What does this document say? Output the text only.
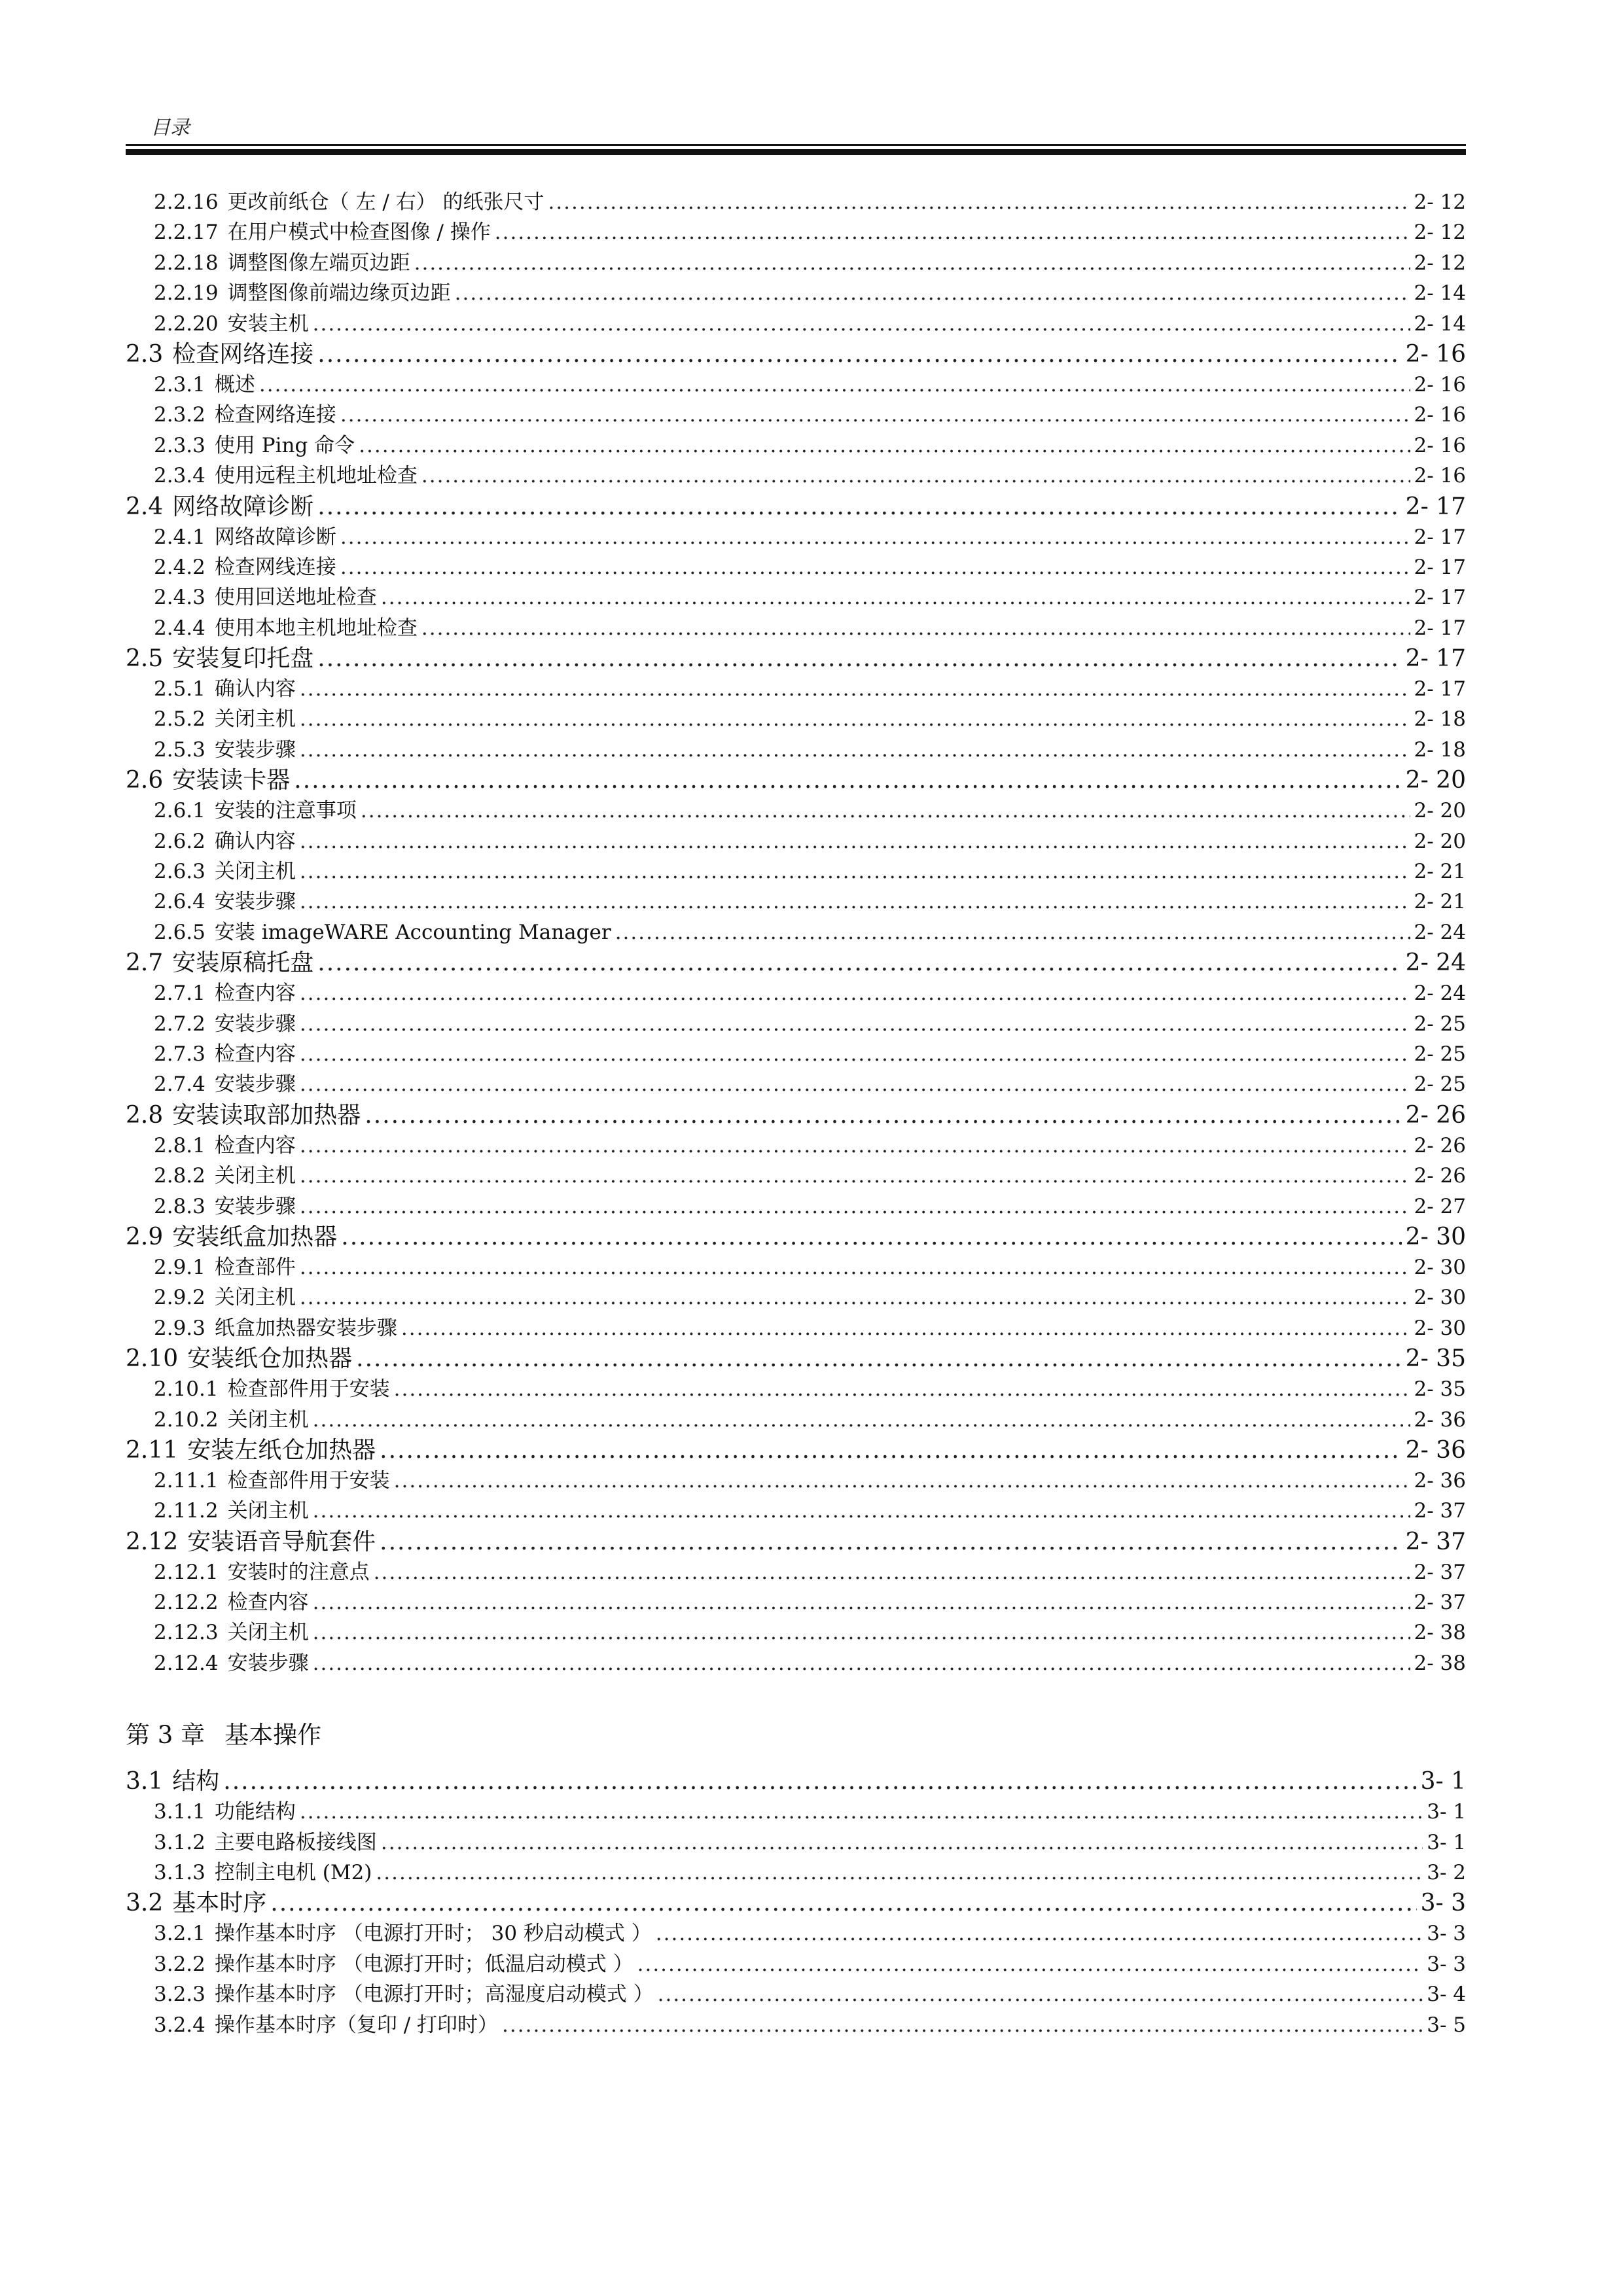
目录
2.2.16 更改前纸仓（ 左 / 右） 的纸张尺寸 .....	2- 12
2.2.17 在用户模式中检查图像 / 操作 .....	2- 12
2.2.18 调整图像左端页边距 .....	2- 12
2.2.19 调整图像前端边缘页边距 .....	2- 14
2.2.20 安装主机 .....	2- 14
2.3 检查网络连接 .....	2- 16
2.3.1 概述 .....	2- 16
2.3.2 检查网络连接 .....	2- 16
2.3.3 使用 Ping 命令 .....	2- 16
2.3.4 使用远程主机地址检查 .....	2- 16
2.4 网络故障诊断 .....	2- 17
2.4.1 网络故障诊断 .....	2- 17
2.4.2 检查网线连接 .....	2- 17
2.4.3 使用回送地址检查 .....	2- 17
2.4.4 使用本地主机地址检查 .....	2- 17
2.5 安装复印托盘 .....	2- 17
2.5.1 确认内容 .....	2- 17
2.5.2 关闭主机 .....	2- 18
2.5.3 安装步骤 .....	2- 18
2.6 安装读卡器 .....	2- 20
2.6.1 安装的注意事项 .....	2- 20
2.6.2 确认内容 .....	2- 20
2.6.3 关闭主机 .....	2- 21
2.6.4 安装步骤 .....	2- 21
2.6.5 安装 imageWARE Accounting Manager .....	2- 24
2.7 安装原稿托盘 .....	2- 24
2.7.1 检查内容 .....	2- 24
2.7.2 安装步骤 .....	2- 25
2.7.3 检查内容 .....	2- 25
2.7.4 安装步骤 .....	2- 25
2.8 安装读取部加热器 .....	2- 26
2.8.1 检查内容 .....	2- 26
2.8.2 关闭主机 .....	2- 26
2.8.3 安装步骤 .....	2- 27
2.9 安装纸盒加热器 .....	2- 30
2.9.1 检查部件 .....	2- 30
2.9.2 关闭主机 .....	2- 30
2.9.3 纸盒加热器安装步骤 .....	2- 30
2.10 安装纸仓加热器 .....	2- 35
2.10.1 检查部件用于安装 .....	2- 35
2.10.2 关闭主机 .....	2- 36
2.11 安装左纸仓加热器 .....	2- 36
2.11.1 检查部件用于安装 .....	2- 36
2.11.2 关闭主机 .....	2- 37
2.12 安装语音导航套件 .....	2- 37
2.12.1 安装时的注意点 .....	2- 37
2.12.2 检查内容 .....	2- 37
2.12.3 关闭主机 .....	2- 38
2.12.4 安装步骤 .....	2- 38
第 3 章 基本操作
3.1 结构 .....	3- 1
3.1.1 功能结构 .....	3- 1
3.1.2 主要电路板接线图 .....	3- 1
3.1.3 控制主电机 (M2) .....	3- 2
3.2 基本时序 .....	3- 3
3.2.1 操作基本时序 （电源打开时； 30 秒启动模式 ） .....	3- 3
3.2.2 操作基本时序 （电源打开时；低温启动模式 ） .....	3- 3
3.2.3 操作基本时序 （电源打开时；高湿度启动模式 ） .....	3- 4
3.2.4 操作基本时序（复印 / 打印时） .....	3- 5
